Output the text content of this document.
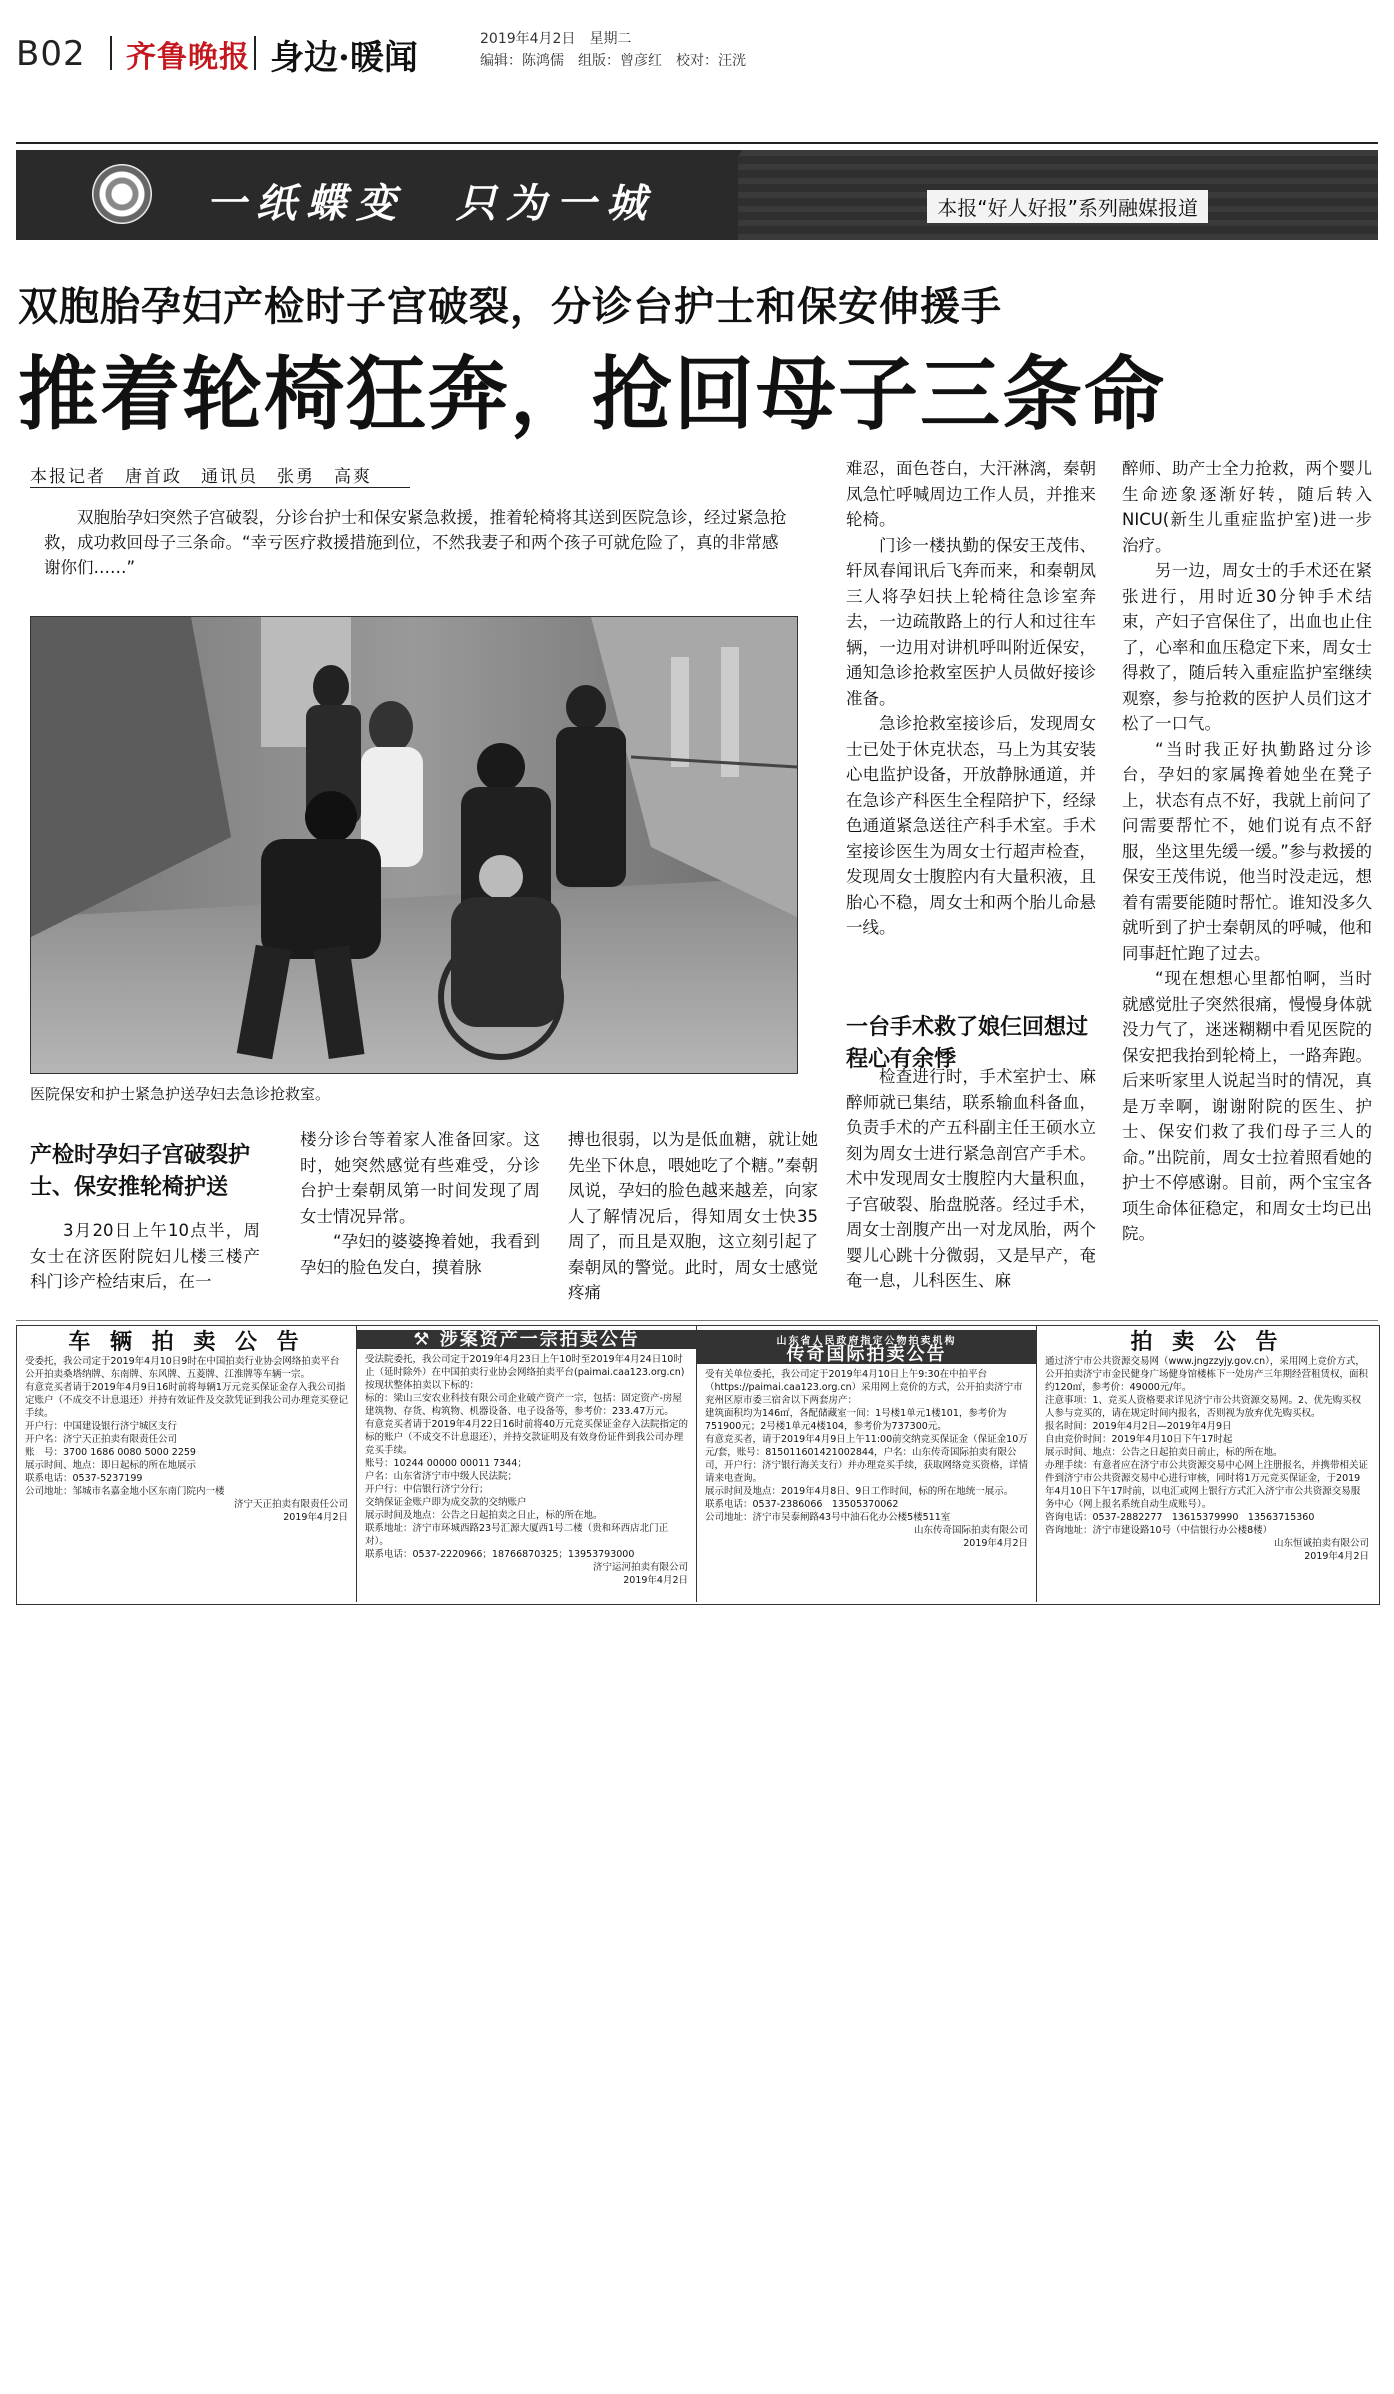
B02 齐鲁晚报 身边·暖闻	2019年4月2日　星期二
编辑：陈鸿儒　组版：曾彦红　校对：汪洸
一纸蝶变　只为一城	本报“好人好报”系列融媒报道
双胞胎孕妇产检时子宫破裂，分诊台护士和保安伸援手
推着轮椅狂奔，抢回母子三条命
本报记者　唐首政　通讯员　张勇　高爽
双胞胎孕妇突然子宫破裂，分诊台护士和保安紧急救援，推着轮椅将其送到医院急诊，经过紧急抢救，成功救回母子三条命。“幸亏医疗救援措施到位，不然我妻子和两个孩子可就危险了，真的非常感谢你们……”
医院保安和护士紧急护送孕妇去急诊抢救室。
产检时孕妇子宫破裂护士、保安推轮椅护送

3月20日上午10点半，周女士在济医附院妇儿楼三楼产科门诊产检结束后，在一

楼分诊台等着家人准备回家。这时，她突然感觉有些难受，分诊台护士秦朝凤第一时间发现了周女士情况异常。

“孕妇的婆婆搀着她，我看到孕妇的脸色发白，摸着脉

搏也很弱，以为是低血糖，就让她先坐下休息，喂她吃了个糖。”秦朝凤说，孕妇的脸色越来越差，向家人了解情况后，得知周女士快35周了，而且是双胞，这立刻引起了秦朝凤的警觉。此时，周女士感觉疼痛

难忍，面色苍白，大汗淋漓，秦朝凤急忙呼喊周边工作人员，并推来轮椅。

门诊一楼执勤的保安王茂伟、轩凤春闻讯后飞奔而来，和秦朝凤三人将孕妇扶上轮椅往急诊室奔去，一边疏散路上的行人和过往车辆，一边用对讲机呼叫附近保安，通知急诊抢救室医护人员做好接诊准备。

急诊抢救室接诊后，发现周女士已处于休克状态，马上为其安装心电监护设备，开放静脉通道，并在急诊产科医生全程陪护下，经绿色通道紧急送往产科手术室。手术室接诊医生为周女士行超声检查，发现周女士腹腔内有大量积液，且胎心不稳，周女士和两个胎儿命悬一线。

一台手术救了娘仨回想过程心有余悸

检查进行时，手术室护士、麻醉师就已集结，联系输血科备血，负责手术的产五科副主任王硕水立刻为周女士进行紧急剖宫产手术。术中发现周女士腹腔内大量积血，子宫破裂、胎盘脱落。经过手术，周女士剖腹产出一对龙凤胎，两个婴儿心跳十分微弱，又是早产，奄奄一息，儿科医生、麻

醉师、助产士全力抢救，两个婴儿生命迹象逐渐好转，随后转入NICU(新生儿重症监护室)进一步治疗。

另一边，周女士的手术还在紧张进行，用时近30分钟手术结束，产妇子宫保住了，出血也止住了，心率和血压稳定下来，周女士得救了，随后转入重症监护室继续观察，参与抢救的医护人员们这才松了一口气。

“当时我正好执勤路过分诊台，孕妇的家属搀着她坐在凳子上，状态有点不好，我就上前问了问需要帮忙不，她们说有点不舒服，坐这里先缓一缓。”参与救援的保安王茂伟说，他当时没走远，想着有需要能随时帮忙。谁知没多久就听到了护士秦朝凤的呼喊，他和同事赶忙跑了过去。

“现在想想心里都怕啊，当时就感觉肚子突然很痛，慢慢身体就没力气了，迷迷糊糊中看见医院的保安把我抬到轮椅上，一路奔跑。后来听家里人说起当时的情况，真是万幸啊，谢谢附院的医生、护士、保安们救了我们母子三人的命。”出院前，周女士拉着照看她的护士不停感谢。目前，两个宝宝各项生命体征稳定，和周女士均已出院。

车 辆 拍 卖 公 告

受委托，我公司定于2019年4月10日9时在中国拍卖行业协会网络拍卖平台公开拍卖桑塔纳牌、东南牌、东风牌、五菱牌、江淮牌等车辆一宗。

有意竞买者请于2019年4月9日16时前将每辆1万元竞买保证金存入我公司指定账户（不成交不计息退还）并持有效证件及交款凭证到我公司办理竞买登记手续。

开户行：中国建设银行济宁城区支行

开户名：济宁天正拍卖有限责任公司

账　号：3700 1686 0080 5000 2259

展示时间、地点：即日起标的所在地展示

联系电话：0537-5237199

公司地址：邹城市名嘉金地小区东南门院内一楼

济宁天正拍卖有限责任公司

2019年4月2日

⚒ 涉案资产一宗拍卖公告

受法院委托，我公司定于2019年4月23日上午10时至2019年4月24日10时止（延时除外）在中国拍卖行业协会网络拍卖平台(paimai.caa123.org.cn)按现状整体拍卖以下标的：

标的：梁山三安农业科技有限公司企业破产资产一宗，包括：固定资产-房屋建筑物、存货、构筑物、机器设备、电子设备等，参考价：233.47万元。

有意竞买者请于2019年4月22日16时前将40万元竞买保证金存入法院指定的标的账户（不成交不计息退还），并持交款证明及有效身份证件到我公司办理竞买手续。

账号：10244 00000 00011 7344；

户名：山东省济宁市中级人民法院；

开户行：中信银行济宁分行；

交纳保证金账户即为成交款的交纳账户

展示时间及地点：公告之日起拍卖之日止，标的所在地。

联系地址：济宁市环城西路23号汇源大厦西1号二楼（贵和环西店北门正对）。

联系电话：0537-2220966；18766870325；13953793000

济宁运河拍卖有限公司

2019年4月2日

山东省人民政府指定公物拍卖机构
传奇国际拍卖公告

受有关单位委托，我公司定于2019年4月10日上午9:30在中拍平台（https://paimai.caa123.org.cn）采用网上竞价的方式，公开拍卖济宁市兖州区原市委三宿舍以下两套房产：

建筑面积均为146㎡，各配储藏室一间：1号楼1单元1楼101，参考价为751900元；2号楼1单元4楼104，参考价为737300元。

有意竞买者，请于2019年4月9日上午11:00前交纳竞买保证金（保证金10万元/套，账号：815011601421002844，户名：山东传奇国际拍卖有限公司，开户行：济宁银行海关支行）并办理竞买手续，获取网络竞买资格，详情请来电查询。

展示时间及地点：2019年4月8日、9日工作时间，标的所在地统一展示。

联系电话：0537-2386066　13505370062

公司地址：济宁市吴泰闸路43号中油石化办公楼5楼511室

山东传奇国际拍卖有限公司

2019年4月2日

拍 卖 公 告

通过济宁市公共资源交易网（www.jngzzyjy.gov.cn），采用网上竞价方式，公开拍卖济宁市金民健身广场健身馆楼栋下一处房产三年期经营租赁权，面积约120㎡，参考价：49000元/年。

注意事项：1、竞买人资格要求详见济宁市公共资源交易网。2、优先购买权人参与竞买的，请在规定时间内报名，否则视为放弃优先购买权。

报名时间：2019年4月2日—2019年4月9日

自由竞价时间：2019年4月10日下午17时起

展示时间、地点：公告之日起拍卖日前止，标的所在地。

办理手续：有意者应在济宁市公共资源交易中心网上注册报名，并携带相关证件到济宁市公共资源交易中心进行审核，同时将1万元竞买保证金，于2019年4月10日下午17时前，以电汇或网上银行方式汇入济宁市公共资源交易服务中心（网上报名系统自动生成账号）。

咨询电话：0537-2882277　13615379990　13563715360

咨询地址：济宁市建设路10号（中信银行办公楼8楼）

山东恒诚拍卖有限公司

2019年4月2日
